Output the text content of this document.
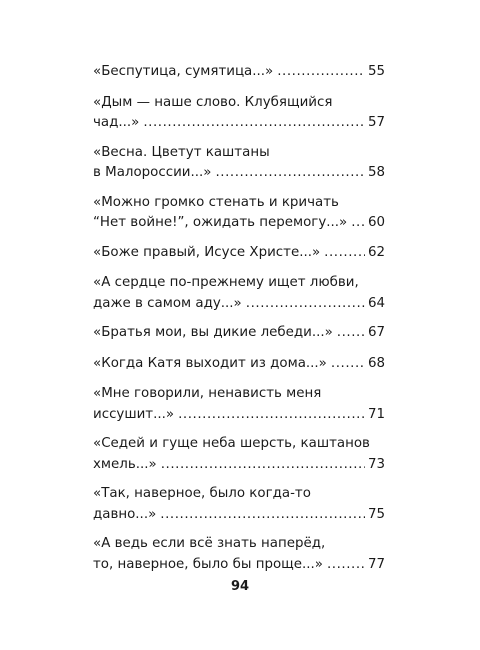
«Беспутица, сумятица...» . . .	55
«Дым — наше слово. Клубящийся
чад...» . . .	57
«Весна. Цветут каштаны
в Малороссии...» . . .	58
«Можно громко стенать и кричать
“Нет войне!”, ожидать перемогу...» . . . 60
«Боже правый, Исусе Христе...» . . .	62
«А сердце по-прежнему ищет любви,
даже в самом аду...» . . .	64
«Братья мои, вы дикие лебеди...» . . .	67
«Когда Катя выходит из дома...» . . .	68
«Мне говорили, ненависть меня
иссушит...» . . .	71
«Седей и гуще неба шерсть, каштанов
хмель...» . . .	73
«Так, наверное, было когда-то
давно...» . . .	75
«А ведь если всё знать наперёд,
то, наверное, было бы проще...» . . .	77
94
